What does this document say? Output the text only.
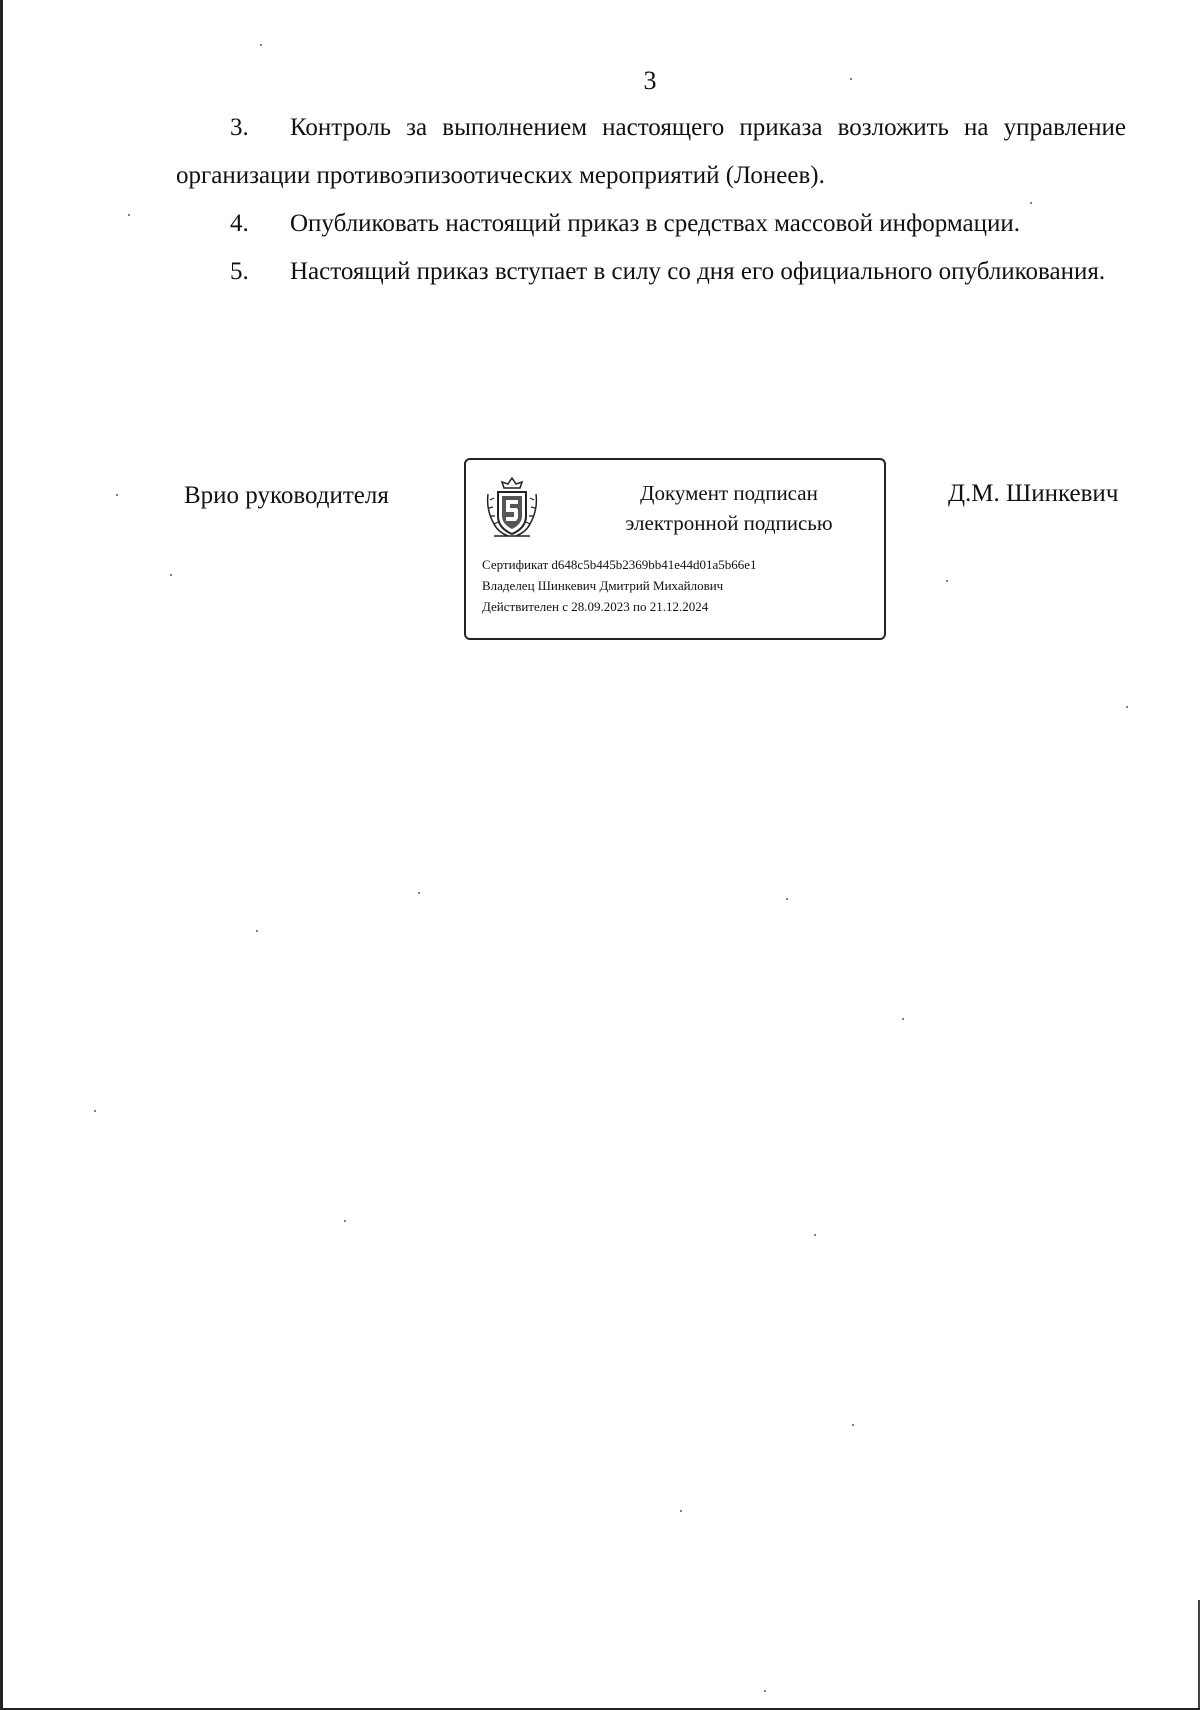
3

3. Контроль за выполнением настоящего приказа возложить на управление организации противоэпизоотических мероприятий (Лонеев).

4. Опубликовать настоящий приказ в средствах массовой информации.

5. Настоящий приказ вступает в силу со дня его официального опубликования.

Врио руководителя	Документ подписан
электронной подписью
Сертификат d648c5b445b2369bb41e44d01a5b66e1
Владелец Шинкевич Дмитрий Михайлович
Действителен с 28.09.2023 по 21.12.2024
Д.М. Шинкевич
